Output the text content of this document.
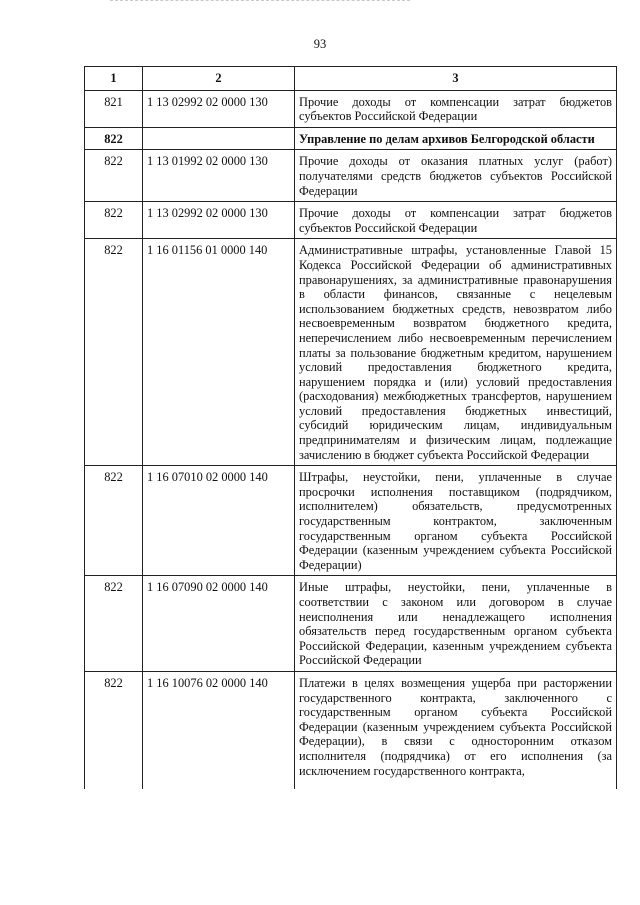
93
1	2	3
821	1 13 02992 02 0000 130	Прочие доходы от компенсации затрат бюджетов субъектов Российской Федерации
822		Управление по делам архивов Белгородской области
822	1 13 01992 02 0000 130	Прочие доходы от оказания платных услуг (работ) получателями средств бюджетов субъектов Российской Федерации
822	1 13 02992 02 0000 130	Прочие доходы от компенсации затрат бюджетов субъектов Российской Федерации
822	1 16 01156 01 0000 140	Административные штрафы, установленные Главой 15 Кодекса Российской Федерации об административных правонарушениях, за административные правонарушения в области финансов, связанные с нецелевым использованием бюджетных средств, невозвратом либо несвоевременным возвратом бюджетного кредита, неперечислением либо несвоевременным перечислением платы за пользование бюджетным кредитом, нарушением условий предоставления бюджетного кредита, нарушением порядка и (или) условий предоставления (расходования) межбюджетных трансфертов, нарушением условий предоставления бюджетных инвестиций, субсидий юридическим лицам, индивидуальным предпринимателям и физическим лицам, подлежащие зачислению в бюджет субъекта Российской Федерации
822	1 16 07010 02 0000 140	Штрафы, неустойки, пени, уплаченные в случае просрочки исполнения поставщиком (подрядчиком, исполнителем) обязательств, предусмотренных государственным контрактом, заключенным государственным органом субъекта Российской Федерации (казенным учреждением субъекта Российской Федерации)
822	1 16 07090 02 0000 140	Иные штрафы, неустойки, пени, уплаченные в соответствии с законом или договором в случае неисполнения или ненадлежащего исполнения обязательств перед государственным органом субъекта Российской Федерации, казенным учреждением субъекта Российской Федерации
822	1 16 10076 02 0000 140	Платежи в целях возмещения ущерба при расторжении государственного контракта, заключенного с государственным органом субъекта Российской Федерации (казенным учреждением субъекта Российской Федерации), в связи с односторонним отказом исполнителя (подрядчика) от его исполнения (за исключением государственного контракта,
